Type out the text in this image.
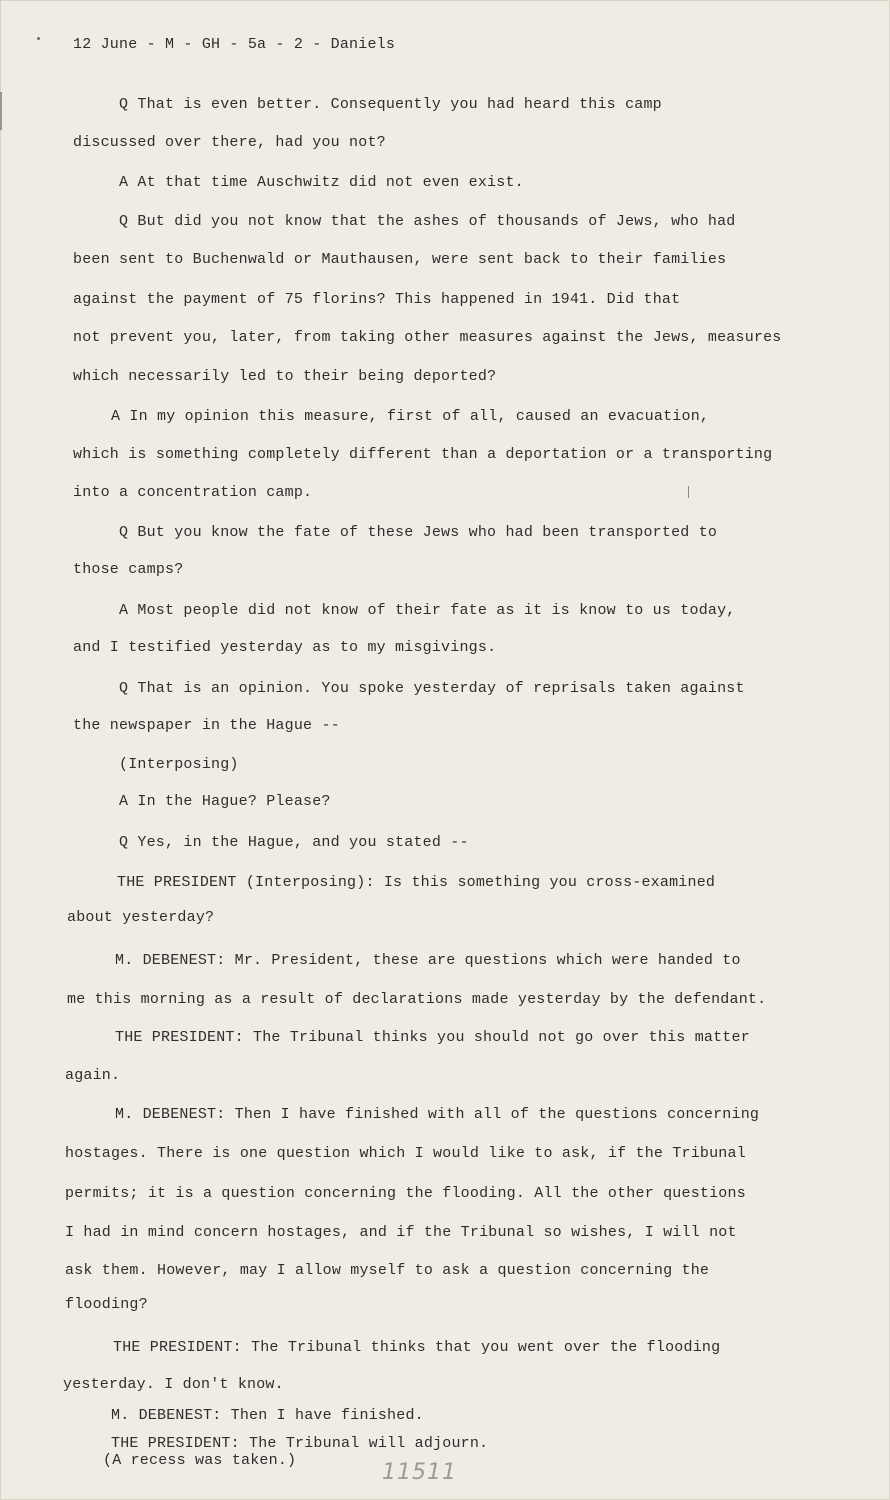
12 June - M - GH - 5a - 2 - Daniels
Q That is even better. Consequently you had heard this camp
discussed over there, had you not?
A At that time Auschwitz did not even exist.
Q But did you not know that the ashes of thousands of Jews, who had
been sent to Buchenwald or Mauthausen, were sent back to their families
against the payment of 75 florins? This happened in 1941. Did that
not prevent you, later, from taking other measures against the Jews, measures
which necessarily led to their being deported?
A In my opinion this measure, first of all, caused an evacuation,
which is something completely different than a deportation or a transporting
into a concentration camp.
Q But you know the fate of these Jews who had been transported to
those camps?
A Most people did not know of their fate as it is know to us today,
and I testified yesterday as to my misgivings.
Q That is an opinion. You spoke yesterday of reprisals taken against
the newspaper in the Hague --
(Interposing)
A In the Hague? Please?
Q Yes, in the Hague, and you stated --
THE PRESIDENT (Interposing): Is this something you cross-examined
about yesterday?
M. DEBENEST: Mr. President, these are questions which were handed to
me this morning as a result of declarations made yesterday by the defendant.
THE PRESIDENT: The Tribunal thinks you should not go over this matter
again.
M. DEBENEST: Then I have finished with all of the questions concerning
hostages. There is one question which I would like to ask, if the Tribunal
permits; it is a question concerning the flooding. All the other questions
I had in mind concern hostages, and if the Tribunal so wishes, I will not
ask them. However, may I allow myself to ask a question concerning the
flooding?
THE PRESIDENT: The Tribunal thinks that you went over the flooding
yesterday. I don't know.
M. DEBENEST: Then I have finished.
THE PRESIDENT: The Tribunal will adjourn.
(A recess was taken.)	11511
